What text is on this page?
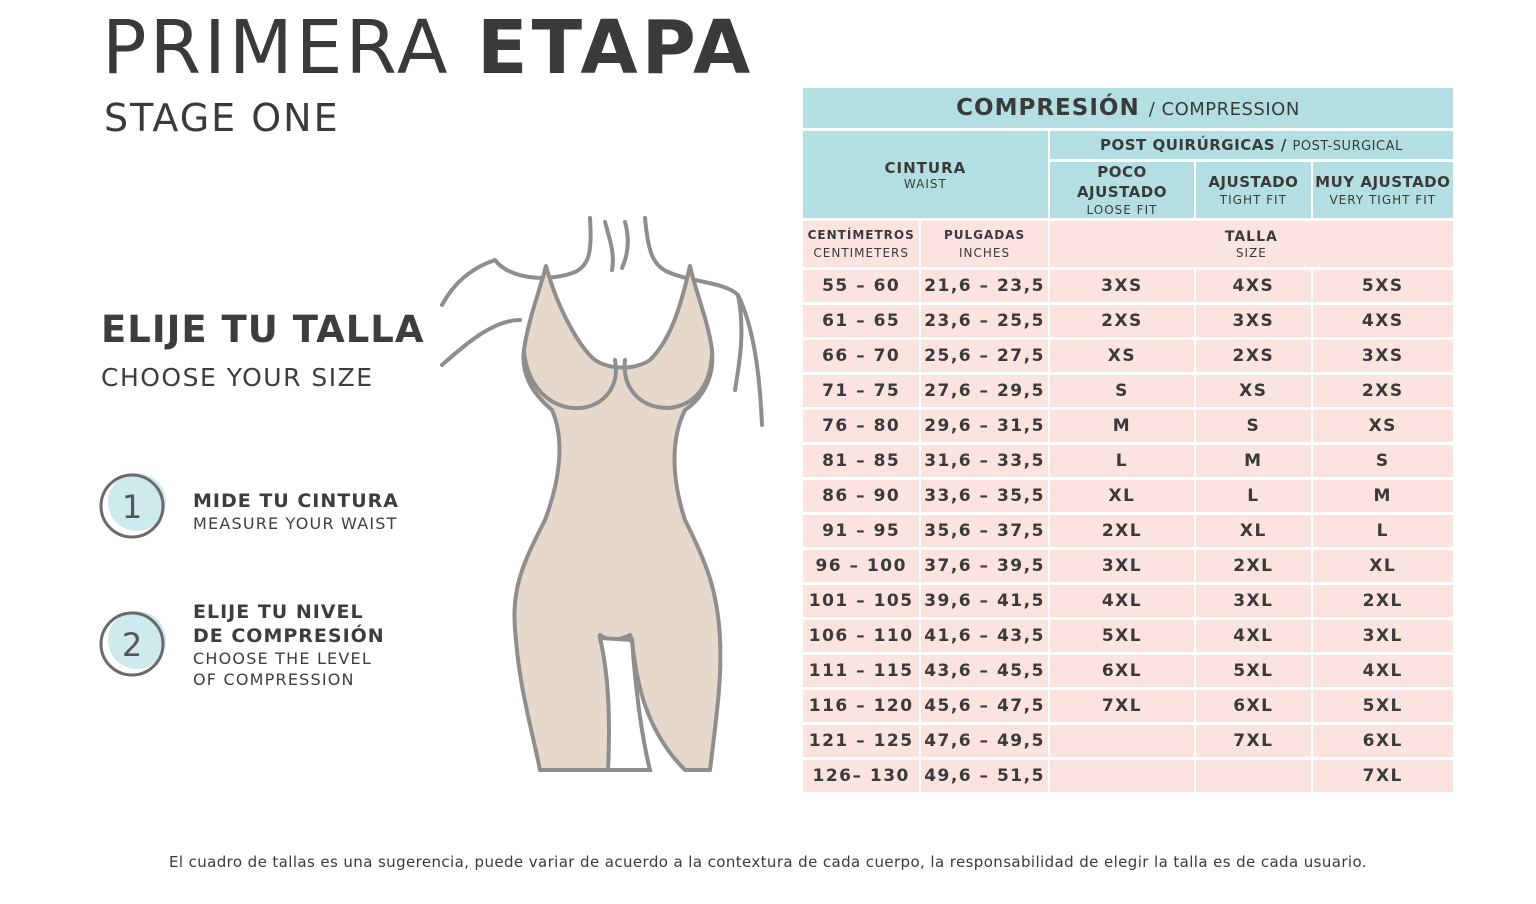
PRIMERA ETAPA
STAGE ONE
ELIJE TU TALLA
CHOOSE YOUR SIZE
1	MIDE TU CINTURA
MEASURE YOUR WAIST
2
ELIJE TU NIVEL
DE COMPRESIÓN
CHOOSE THE LEVEL
OF COMPRESSION
COMPRESIÓN / COMPRESSION				

CINTURA
WAIST		POST QUIRÚRGICAS / POST-SURGICAL		

		POCO AJUSTADO
LOOSE FIT	AJUSTADO
TIGHT FIT	MUY AJUSTADO
VERY TIGHT FIT

CENTÍMETROS
CENTIMETERS	PULGADAS
INCHES	TALLA
SIZE		

55 – 60	21,6 – 23,5	3XS	4XS	5XS
61 – 65	23,6 – 25,5	2XS	3XS	4XS
66 – 70	25,6 – 27,5	XS	2XS	3XS
71 – 75	27,6 – 29,5	S	XS	2XS
76 – 80	29,6 – 31,5	M	S	XS
81 – 85	31,6 – 33,5	L	M	S
86 – 90	33,6 – 35,5	XL	L	M
91 – 95	35,6 – 37,5	2XL	XL	L
96 – 100	37,6 – 39,5	3XL	2XL	XL
101 – 105	39,6 – 41,5	4XL	3XL	2XL
106 – 110	41,6 – 43,5	5XL	4XL	3XL
111 – 115	43,6 – 45,5	6XL	5XL	4XL
116 – 120	45,6 – 47,5	7XL	6XL	5XL
121 – 125	47,6 – 49,5		7XL	6XL
126– 130	49,6 – 51,5			7XL
El cuadro de tallas es una sugerencia, puede variar de acuerdo a la contextura de cada cuerpo, la responsabilidad de elegir la talla es de cada usuario.
